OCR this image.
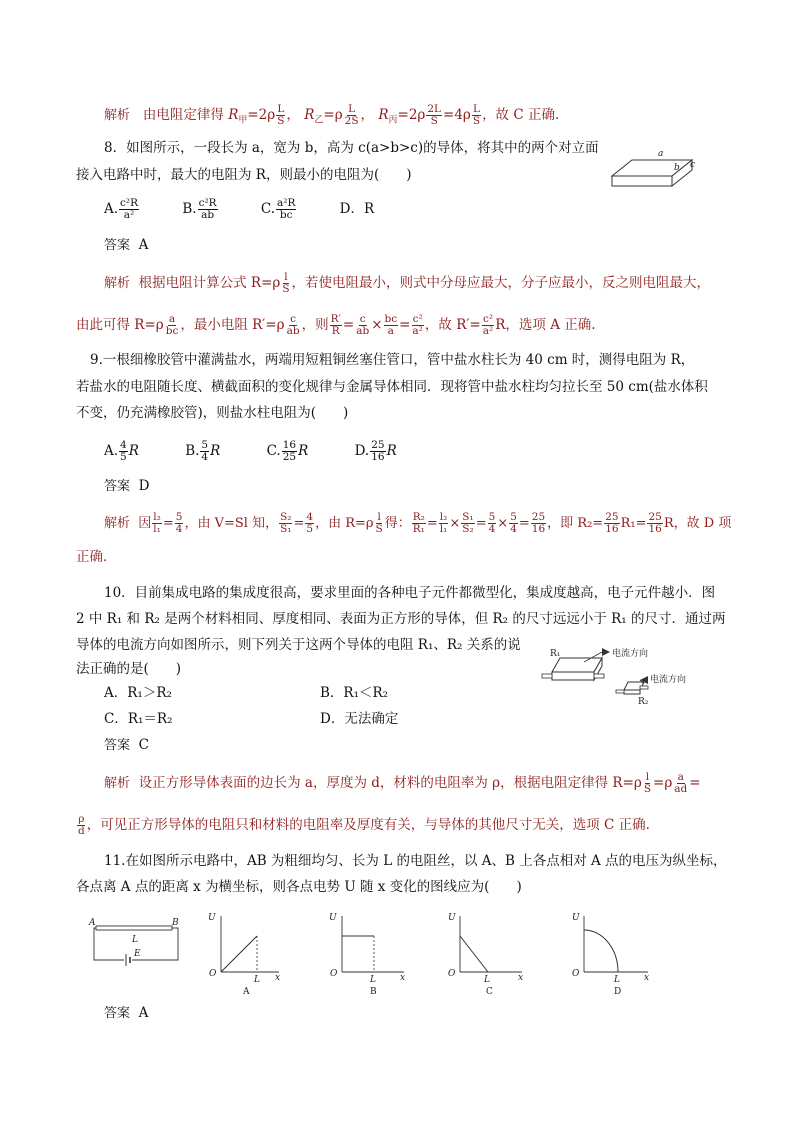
解析 由电阻定律得 $R_甲=2\rho \frac{L}{S}$ ， $R_乙=\rho \frac{L}{2S}$ ， $R_丙=2\rho \frac{2L}{S} =4\rho \frac{L}{S}$ ，故 C 正确.
8．如图所示，一段长为 a，宽为 b，高为 c(a>b>c)的导体，将其中的两个对立面
接入电路中时，最大的电阻为 R，则最小的电阻为(　　)
a
b c
A. $\frac{\text{c²R}}{\text{a²}}$	B. $\frac{\text{c²R}}{ab}$	C. $\frac{\text{a²R}}{bc}$	D．R
答案 A
解析 根据电阻计算公式 $R=\rho \frac{l}{S}$ ，若使电阻最小，则式中分母应最大，分子应最小，反之则电阻最大，
由此可得 $R=\rho \frac{a}{bc}$ ，最小电阻 $R'=\rho \frac{c}{ab}$ ，则 $\frac{R'}{R} = \frac{c}{ab} \times \frac{bc}{a} = \frac{\text{c²}}{\text{a²}}$ ，故 $R'= \frac{\text{c²}}{\text{a²}}$ R，选项 A 正确.
9.一根细橡胶管中灌满盐水，两端用短粗铜丝塞住管口，管中盐水柱长为 40 cm 时，测得电阻为 R，
若盐水的电阻随长度、横截面积的变化规律与金属导体相同．现将管中盐水柱均匀拉长至 50 cm(盐水体积
不变，仍充满橡胶管)，则盐水柱电阻为(　　)
A. $\frac{4}{5}$ R	B. $\frac{5}{4}$ R	C. $\frac{16}{25}$ R	D. $\frac{25}{16}$ R
答案 D
解析 因 $\frac{\text{l₂}}{\text{l₁}} = \frac{5}{4}$ ，由 V=Sl 知， $\frac{\text{S₂}}{\text{S₁}} = \frac{4}{5}$ ，由 $R=\rho \frac{l}{S}$ 得： $\frac{\text{R₂}}{\text{R₁}} = \frac{\text{l₂}}{\text{l₁}} \times \frac{\text{S₁}}{\text{S₂}} = \frac{5}{4} \times \frac{5}{4} = \frac{25}{16}$ ，即 $R_2= \frac{25}{16} R_1= \frac{25}{16}$ R，故 D 项
正确．
10．目前集成电路的集成度很高，要求里面的各种电子元件都微型化，集成度越高，电子元件越小．图
2 中 R₁ 和 R₂ 是两个材料相同、厚度相同、表面为正方形的导体，但 R₂ 的尺寸远远小于 R₁ 的尺寸．通过两
导体的电流方向如图所示，则下列关于这两个导体的电阻 R₁、R₂ 关系的说
法正确的是(　　)
R₁	电流方向
电流方向
R₂
A．R₁＞R₂	B．R₁＜R₂
C．R₁＝R₂	D．无法确定
答案 C
解析 设正方形导体表面的边长为 a，厚度为 d，材料的电阻率为 ρ，根据电阻定律得 $R=\rho \frac{l}{S} =\rho \frac{a}{ad}$ =
$\frac{\rho}{d}$ ，可见正方形导体的电阻只和材料的电阻率及厚度有关，与导体的其他尺寸无关，选项 C 正确.
11.在如图所示电路中，AB 为粗细均匀、长为 L 的电阻丝，以 A、B 上各点相对 A 点的电压为纵坐标，
各点离 A 点的距离 x 为横坐标，则各点电势 U 随 x 变化的图线应为(　　)
A	B
L
E
U
O
L x
A
U
O
L	x
B
U
O
L	x
C
U
O
L	x
D
答案 A
